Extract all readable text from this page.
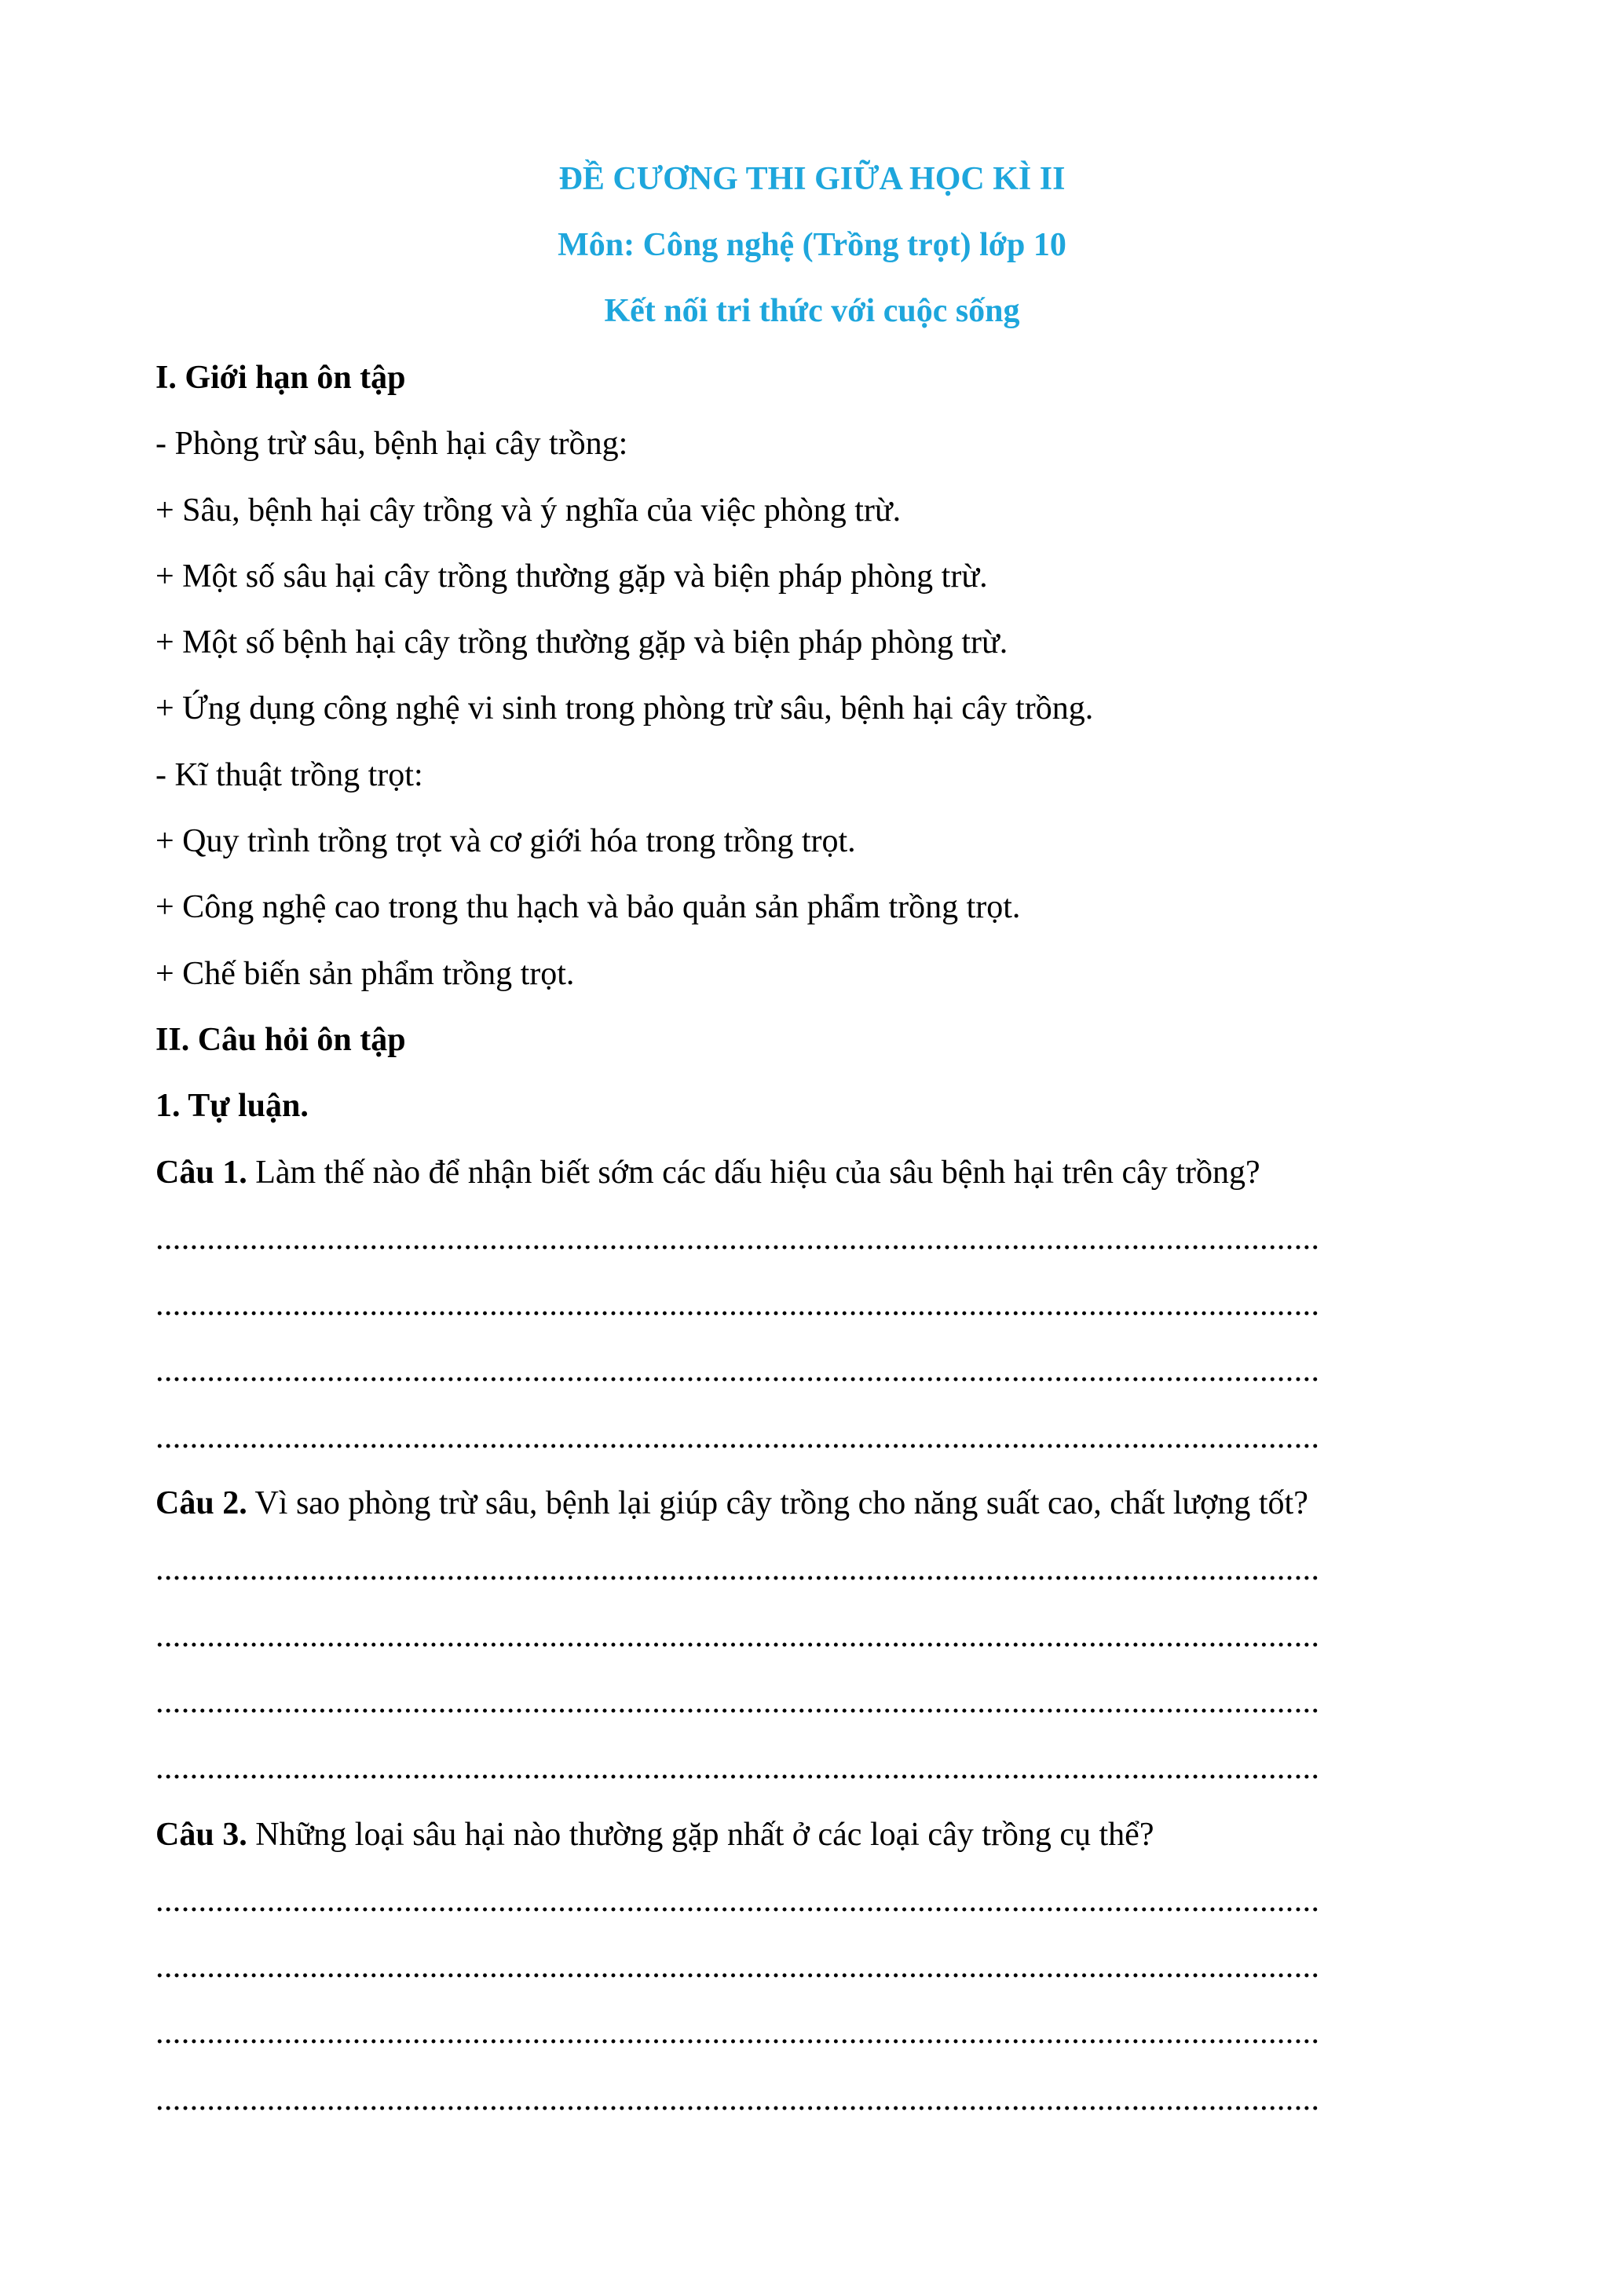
ĐỀ CƯƠNG THI GIỮA HỌC KÌ II
Môn: Công nghệ (Trồng trọt) lớp 10
Kết nối tri thức với cuộc sống
I. Giới hạn ôn tập
- Phòng trừ sâu, bệnh hại cây trồng:
+ Sâu, bệnh hại cây trồng và ý nghĩa của việc phòng trừ.
+ Một số sâu hại cây trồng thường gặp và biện pháp phòng trừ.
+ Một số bệnh hại cây trồng thường gặp và biện pháp phòng trừ.
+ Ứng dụng công nghệ vi sinh trong phòng trừ sâu, bệnh hại cây trồng.
- Kĩ thuật trồng trọt:
+ Quy trình trồng trọt và cơ giới hóa trong trồng trọt.
+ Công nghệ cao trong thu hạch và bảo quản sản phẩm trồng trọt.
+ Chế biến sản phẩm trồng trọt.
II. Câu hỏi ôn tập
1. Tự luận.
Câu 1. Làm thế nào để nhận biết sớm các dấu hiệu của sâu bệnh hại trên cây trồng?
........................................................................................................................................
........................................................................................................................................
........................................................................................................................................
........................................................................................................................................
Câu 2. Vì sao phòng trừ sâu, bệnh lại giúp cây trồng cho năng suất cao, chất lượng tốt?
........................................................................................................................................
........................................................................................................................................
........................................................................................................................................
........................................................................................................................................
Câu 3. Những loại sâu hại nào thường gặp nhất ở các loại cây trồng cụ thể?
........................................................................................................................................
........................................................................................................................................
........................................................................................................................................
........................................................................................................................................
